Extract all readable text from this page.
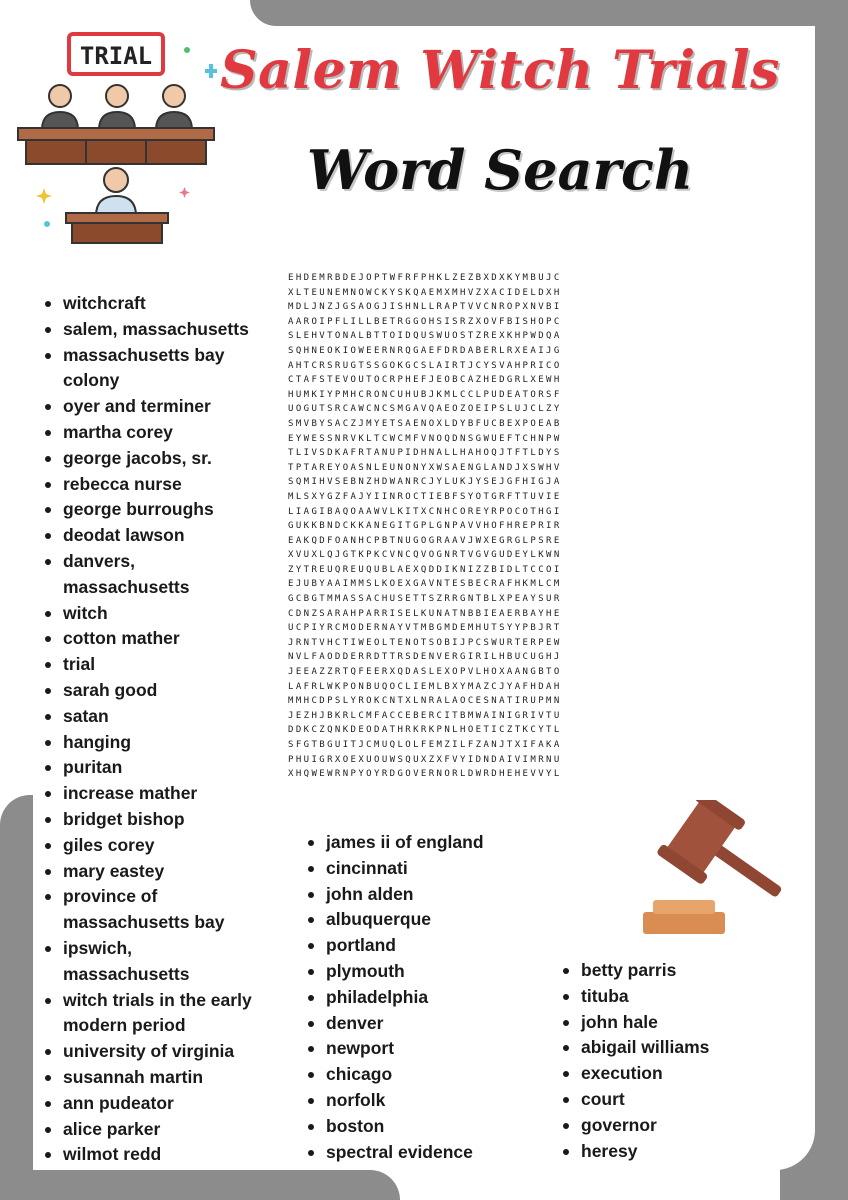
TRIAL Salem Witch Trials
Word Search
EHDEMRBDEJOPTWFRFPHKLZEZBXDXKYMBUJC
XLTEUNEMNOWCKYSKQAEMXMHVZXACIDELDXH
MDLJNZJGSAOGJISHNLLRAPTVVCNROPXNVBI
AAROIPFLILLBETRGGOHSISRZXOVFBISHOPC
SLEHVTONALBTTOIDQUSWUOSTZREXKHPWDQA
SQHNEOKIOWEERNRQGAEFDRDABERLRXEAIJG
AHTCRSRUGTSSGOKGCSLAIRTJCYSVAHPRICO
CTAFSTEVOUTOCRPHEFJEOBCAZHEDGRLXEWH
HUMKIYPMHCRONCUHUBJKMLCCLPUDEATORSF
UOGUTSRCAWCNCSMGAVQAEOZOEIPSLUJCLZY
SMVBYSACZJMYETSAENOXLDYBFUCBEXPOEAB
EYWESSNRVKLTCWCMFVNOQDNSGWUEFTCHNPW
TLIVSDKAFRTANUPIDHNALLHAHOQJTFTLDYS
TPTAREYOASNLEUNONYXWSAENGLANDJXSWHV
SQMIHVSEBNZHDWANRCJYLUKJYSEJGFHIGJA
MLSXYGZFAJYIINROCTIEBFSYOTGRFTTUVIE
LIAGIBAQOAAWVLKITXCNHCOREYRPOCOTHGI
GUKKBNDCKKANEGITGPLGNPAVVHOFHREPRIR
EAKQDFOANHCPBTNUGOGRAAVJWXEGRGLPSRE
XVUXLQJGTKPKCVNCQVOGNRTVGVGUDEYLKWN
ZYTREUQREUQUBLAEXQDDIKNIZZBIDLTCCOI
EJUBYAAIMMSLKOEXGAVNTESBECRAFHKMLCM
GCBGTMMASSACHUSETTSZRRGNTBLXPEAYSUR
CDNZSARAHPARRISELKUNATNBBIEAERBAYHE
UCPIYRCMODERNAYVTMBGMDEMHUTSYYPBJRT
JRNTVHCTIWEOLTENOTSOBIJPCSWURTERPEW
NVLFAODDERRDTTRSDENVERGIRILHBUCUGHJ
JEEAZZRTQFEERXQDASLEXOPVLHOXAANGBTO
LAFRLWKPONBUQOCLIEMLBXYMAZCJYAFHDAH
MMHCDPSLYROKCNTXLNRALAOCESNATIRUPMN
JEZHJBKRLCMFACCEBERCITBMWAINIGRIVTU
DDKCZQNKDEODATHRKRKPNLHOETICZTKCYTL
SFGTBGUITJCMUQLOLFEMZILFZANJTXIFAKA
PHUIGRXOEXUOUWSQUXZXFVYIDNDAIVIMRNU
XHQWEWRNPYOYRDGOVERNORLDWRDHEHEVVYL
witchcraft
salem, massachusetts
massachusetts bay
colony
oyer and terminer
martha corey
george jacobs, sr.
rebecca nurse
george burroughs
deodat lawson
danvers,
massachusetts
witch
cotton mather
trial
sarah good
satan
hanging
puritan
increase mather
bridget bishop
giles corey
mary eastey
province of
massachusetts bay
ipswich,
massachusetts
witch trials in the early
modern period
university of virginia
susannah martin
ann pudeator
alice parker
wilmot redd
james ii of england
cincinnati
john alden
albuquerque
portland
plymouth
philadelphia
denver
newport
chicago
norfolk
boston
spectral evidence
betty parris
tituba
john hale
abigail williams
execution
court
governor
heresy
